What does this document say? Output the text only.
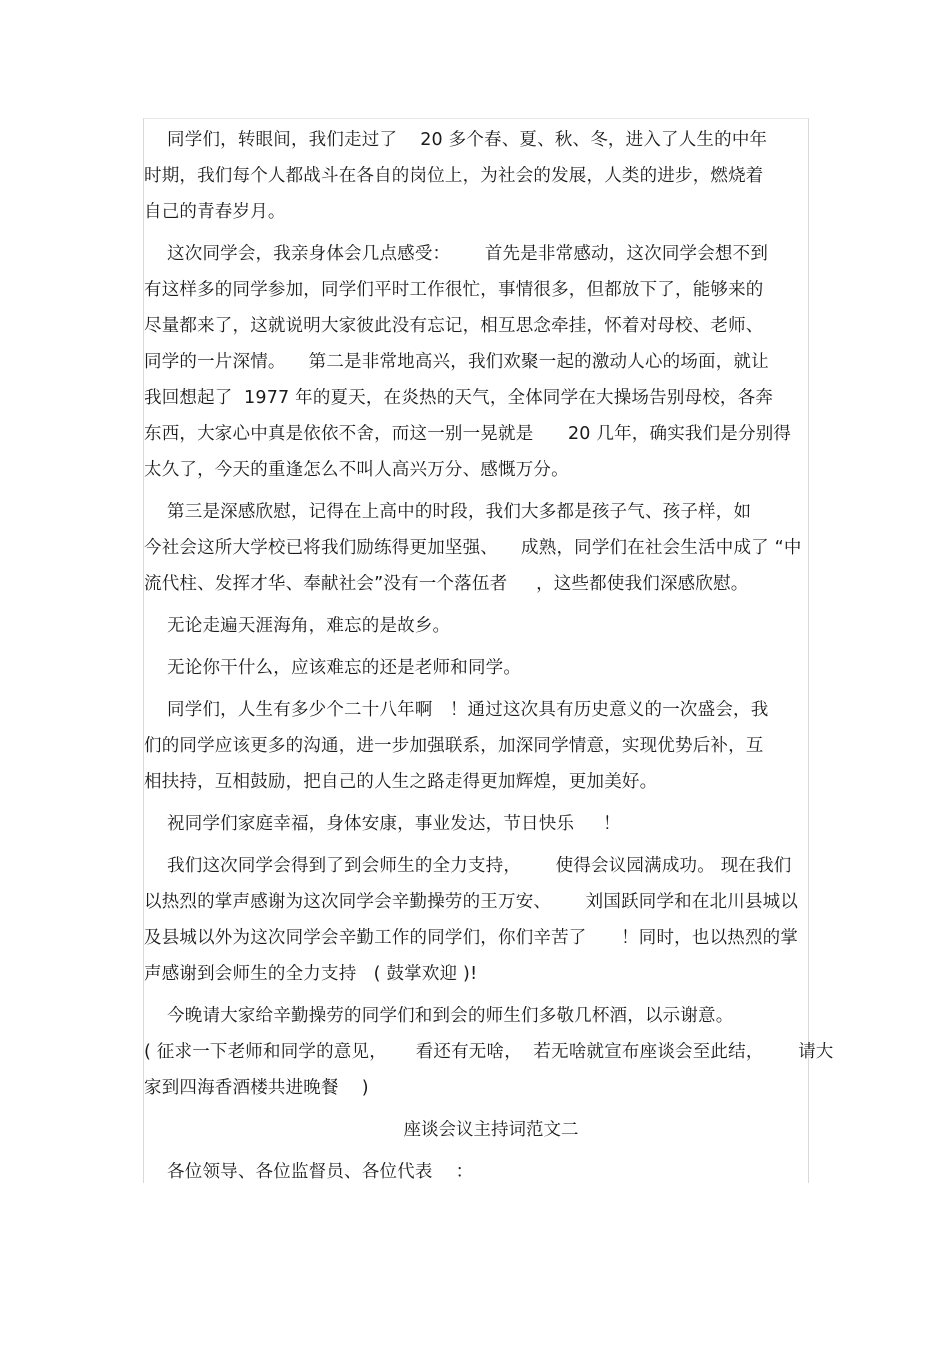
同学们，转眼间，我们走过了    20 多个春、夏、秋、冬，进入了人生的中年
时期，我们每个人都战斗在各自的岗位上，为社会的发展，人类的进步，燃烧着
自己的青春岁月。
这次同学会，我亲身体会几点感受：      首先是非常感动，这次同学会想不到
有这样多的同学参加，同学们平时工作很忙，事情很多，但都放下了，能够来的
尽量都来了，这就说明大家彼此没有忘记，相互思念牵挂，怀着对母校、老师、
同学的一片深情。    第二是非常地高兴，我们欢聚一起的激动人心的场面，就让
我回想起了  1977 年的夏天，在炎热的天气，全体同学在大操场告别母校，各奔
东西，大家心中真是依依不舍，而这一别一晃就是      20 几年，确实我们是分别得
太久了，今天的重逢怎么不叫人高兴万分、感慨万分。
第三是深感欣慰，记得在上高中的时段，我们大多都是孩子气、孩子样，如
今社会这所大学校已将我们励练得更加坚强、    成熟，同学们在社会生活中成了 “中
流代柱、发挥才华、奉献社会”没有一个落伍者     ，这些都使我们深感欣慰。
无论走遍天涯海角，难忘的是故乡。
无论你干什么，应该难忘的还是老师和同学。
同学们，人生有多少个二十八年啊   ！通过这次具有历史意义的一次盛会，我
们的同学应该更多的沟通，进一步加强联系，加深同学情意，实现优势后补，互
相扶持，互相鼓励，把自己的人生之路走得更加辉煌，更加美好。
祝同学们家庭幸福，身体安康，事业发达，节日快乐     ！
我们这次同学会得到了到会师生的全力支持，      使得会议园满成功。 现在我们
以热烈的掌声感谢为这次同学会辛勤操劳的王万安、      刘国跃同学和在北川县城以
及县城以外为这次同学会辛勤工作的同学们，你们辛苦了      ！同时，也以热烈的掌
声感谢到会师生的全力支持   ( 鼓掌欢迎 )!
今晚请大家给辛勤操劳的同学们和到会的师生们多敬几杯酒，以示谢意。
( 征求一下老师和同学的意见，     看还有无啥，  若无啥就宣布座谈会至此结，      请大
家到四海香酒楼共进晚餐    )
座谈会议主持词范文二
各位领导、各位监督员、各位代表    ：
